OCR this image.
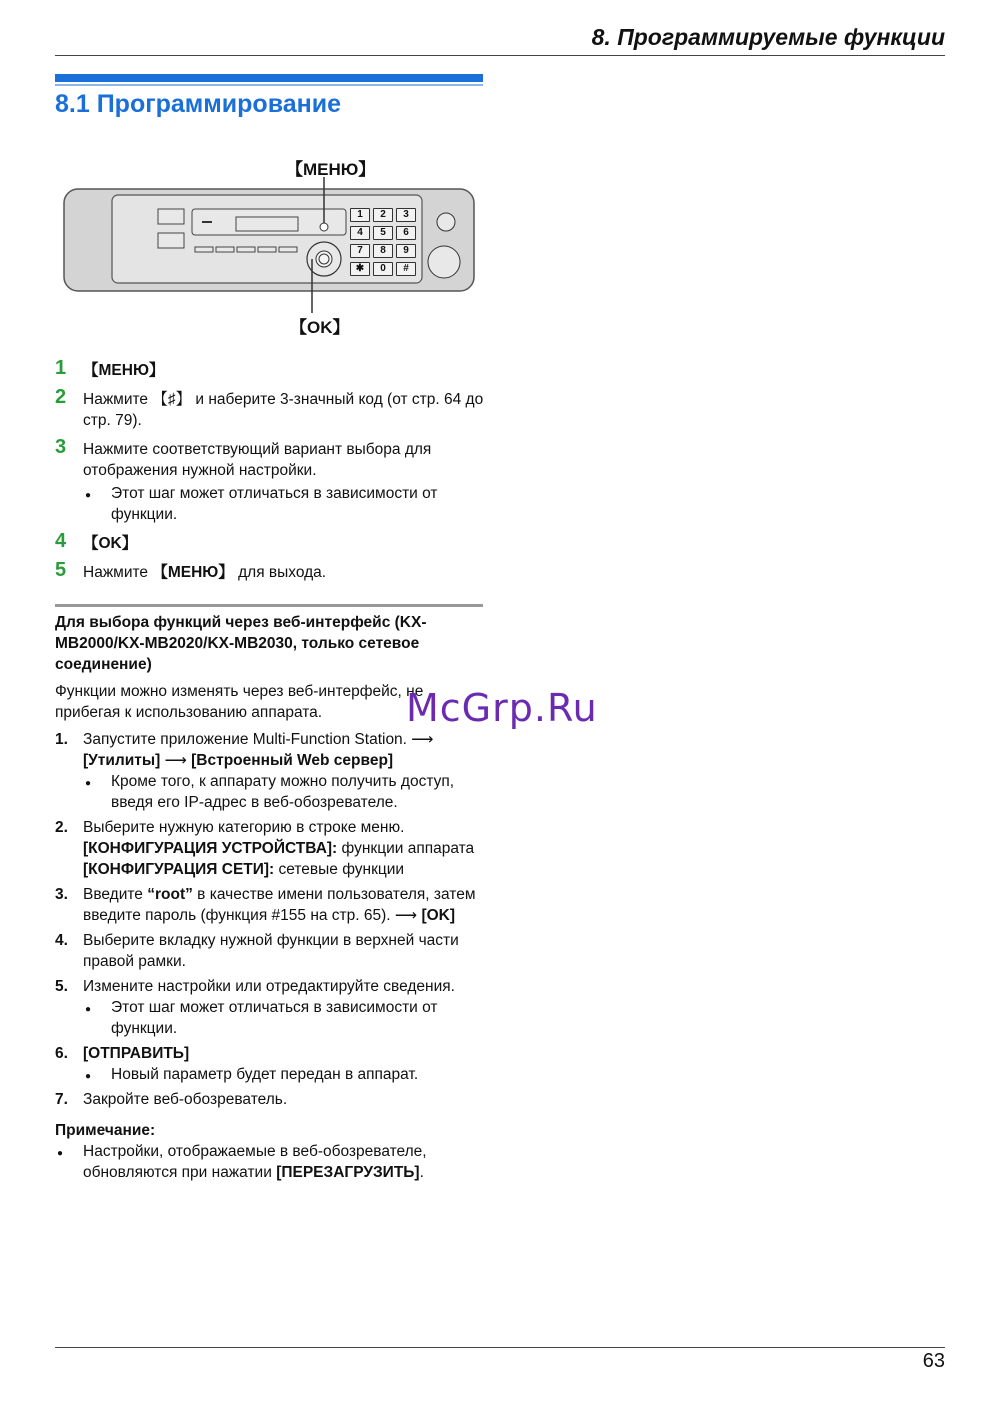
8. Программируемые функции
8.1 Программирование
【МЕНЮ】
【OK】
1	2	3
4	5	6
7	8	9
✱	0	#
1 【МЕНЮ】
2 Нажмите 【♯】 и наберите 3-значный код (от стр. 64 до стр. 79).
3 Нажмите соответствующий вариант выбора для отображения нужной настройки.
● Этот шаг может отличаться в зависимости от функции.
4 【OK】
5 Нажмите 【МЕНЮ】 для выхода.
Для выбора функций через веб-интерфейс (KX-MB2000/KX-MB2020/KX-MB2030, только сетевое соединение)

Функции можно изменять через веб-интерфейс, не прибегая к использованию аппарата.

1. Запустите приложение Multi-Function Station. ⟶
[Утилиты] ⟶ [Встроенный Web сервер]
● Кроме того, к аппарату можно получить доступ, введя его IP-адрес в веб-обозревателе.
2. Выберите нужную категорию в строке меню.
[КОНФИГУРАЦИЯ УСТРОЙСТВА]: функции аппарата
[КОНФИГУРАЦИЯ СЕТИ]: сетевые функции
3. Введите “root” в качестве имени пользователя, затем введите пароль (функция #155 на стр. 65). ⟶ [OK]
4. Выберите вкладку нужной функции в верхней части правой рамки.
5. Измените настройки или отредактируйте сведения.
● Этот шаг может отличаться в зависимости от функции.
6. [ОТПРАВИТЬ]
● Новый параметр будет передан в аппарат.
7. Закройте веб-обозреватель.
Примечание:
● Настройки, отображаемые в веб-обозревателе, обновляются при нажатии [ПЕРЕЗАГРУЗИТЬ].
McGrp.Ru
63
